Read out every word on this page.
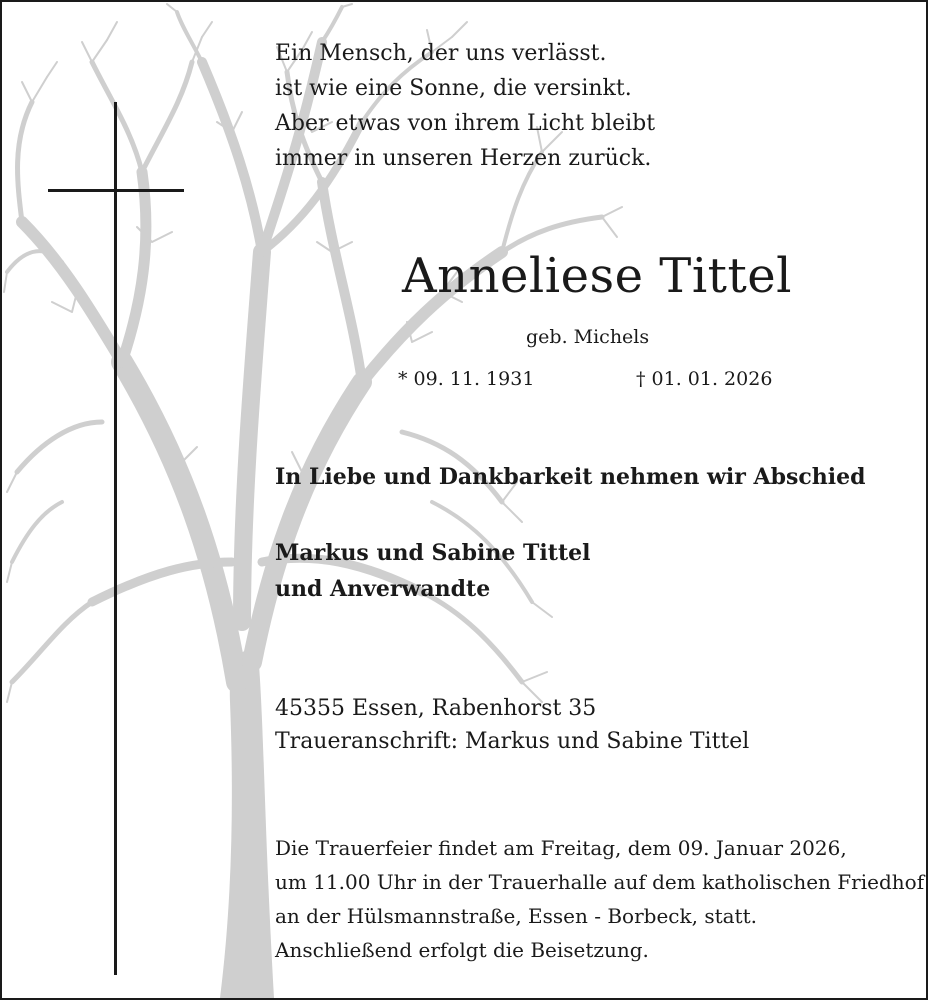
Ein Mensch, der uns verlässt.
ist wie eine Sonne, die versinkt.
Aber etwas von ihrem Licht bleibt
immer in unseren Herzen zurück.
Anneliese Tittel
geb. Michels
* 09. 11. 1931	† 01. 01. 2026
In Liebe und Dankbarkeit nehmen wir Abschied
Markus und Sabine Tittel
und Anverwandte
45355 Essen, Rabenhorst 35
Traueranschrift: Markus und Sabine Tittel
Die Trauerfeier findet am Freitag, dem 09. Januar 2026,
um 11.00 Uhr in der Trauerhalle auf dem katholischen Friedhof
an der Hülsmannstraße, Essen - Borbeck, statt.
Anschließend erfolgt die Beisetzung.
